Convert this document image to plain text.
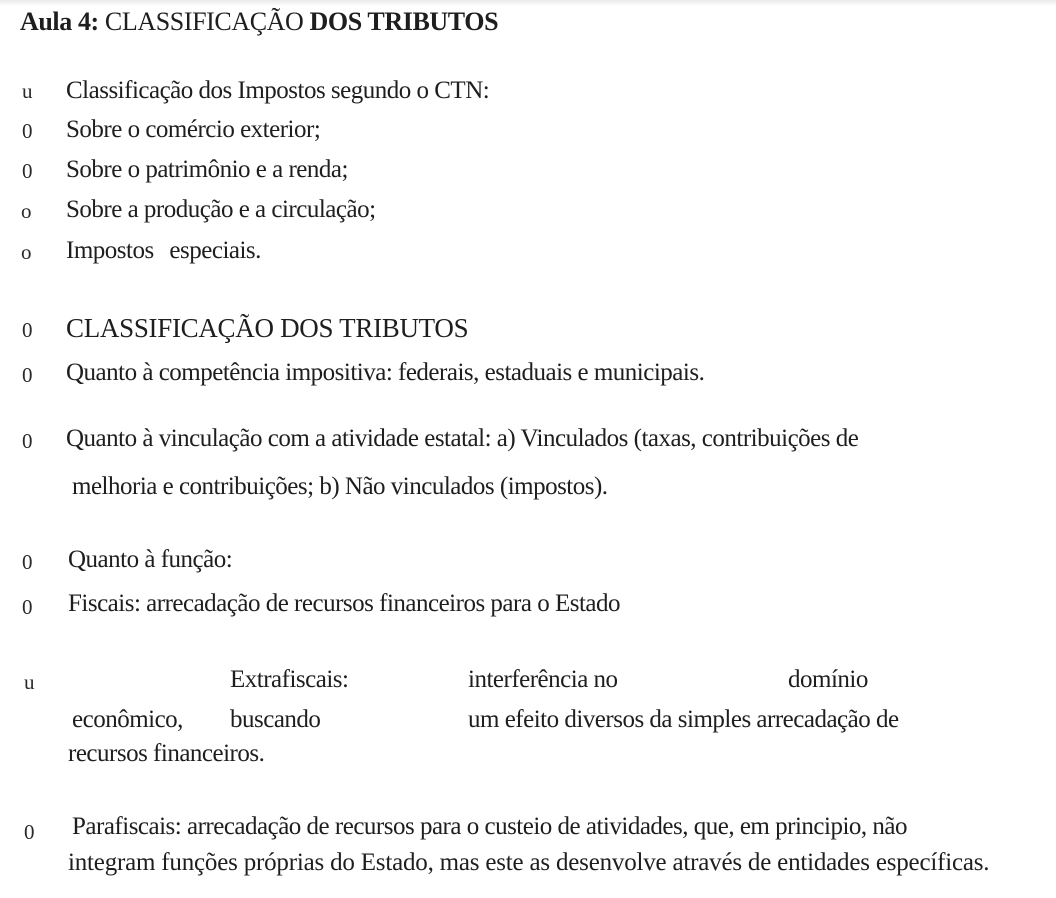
Aula 4: CLASSIFICAÇÃO DOS TRIBUTOS
u Classificação dos Impostos segundo o CTN:
0 Sobre o comércio exterior;
0 Sobre o patrimônio e a renda;
o Sobre a produção e a circulação;
o Impostos especiais.
0 CLASSIFICAÇÃO DOS TRIBUTOS
0 Quanto à competência impositiva: federais, estaduais e municipais.
0 Quanto à vinculação com a atividade estatal: a) Vinculados (taxas, contribuições de
melhoria e contribuições; b) Não vinculados (impostos).
0 Quanto à função:
0 Fiscais: arrecadação de recursos financeiros para o Estado
u	Extrafiscais:	interferência no	domínio
econômico, buscando	um efeito diversos da simples arrecadação de
recursos financeiros.
0 Parafiscais: arrecadação de recursos para o custeio de atividades, que, em principio, não
integram funções próprias do Estado, mas este as desenvolve através de entidades específicas.
